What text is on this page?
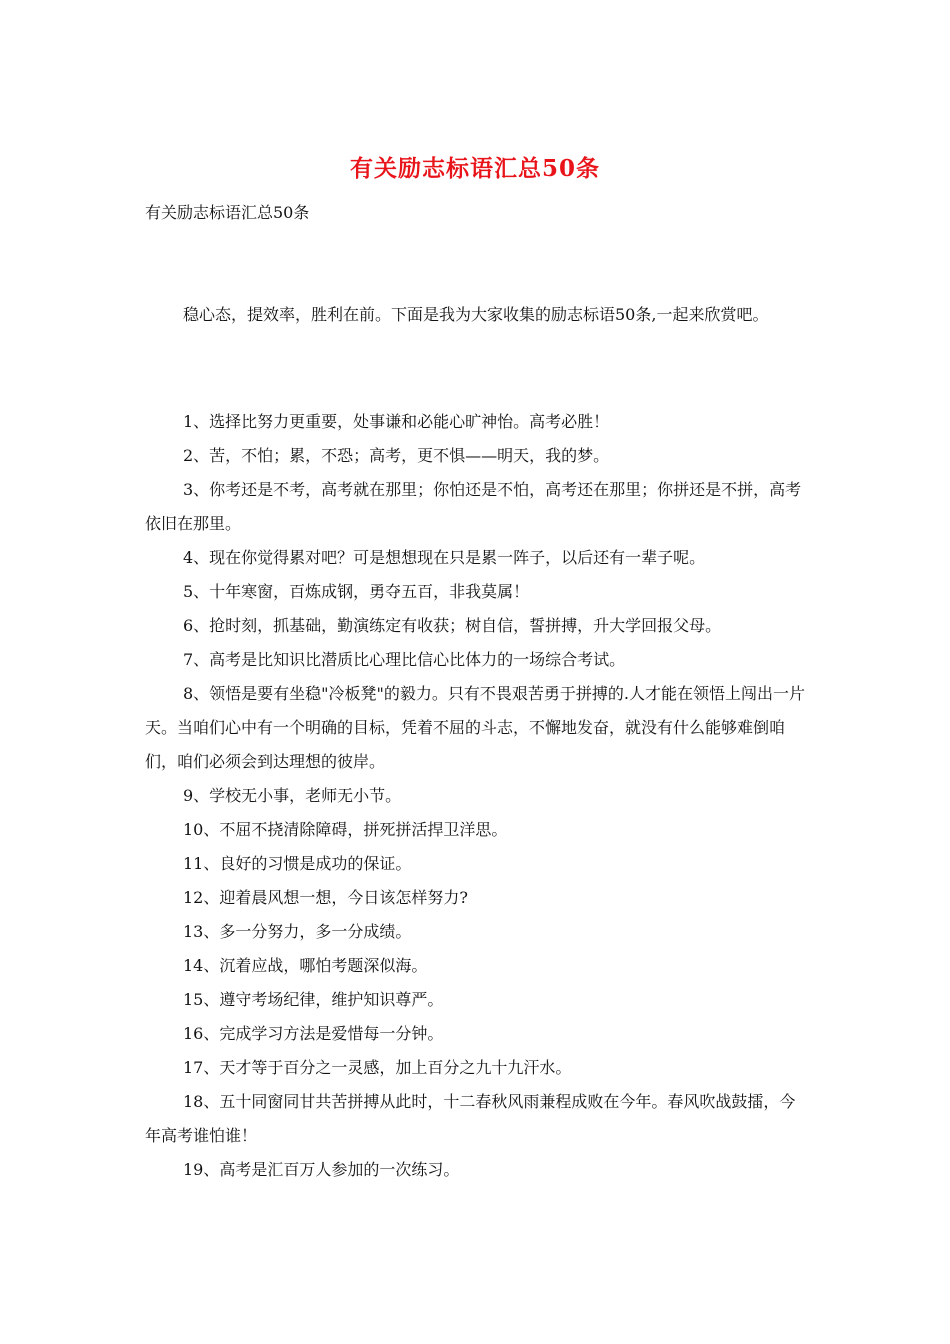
有关励志标语汇总50条
有关励志标语汇总50条

稳心态，提效率，胜利在前。下面是我为大家收集的励志标语50条,一起来欣赏吧。

1、选择比努力更重要，处事谦和必能心旷神怡。高考必胜！

2、苦，不怕；累，不恐；高考，更不惧——明天，我的梦。

3、你考还是不考，高考就在那里；你怕还是不怕，高考还在那里；你拼还是不拼，高考依旧在那里。

4、现在你觉得累对吧？可是想想现在只是累一阵子，以后还有一辈子呢。

5、十年寒窗，百炼成钢，勇夺五百，非我莫属！

6、抢时刻，抓基础，勤演练定有收获；树自信，誓拼搏，升大学回报父母。

7、高考是比知识比潜质比心理比信心比体力的一场综合考试。

8、领悟是要有坐稳"冷板凳"的毅力。只有不畏艰苦勇于拼搏的.人才能在领悟上闯出一片天。当咱们心中有一个明确的目标，凭着不屈的斗志，不懈地发奋，就没有什么能够难倒咱们，咱们必须会到达理想的彼岸。

9、学校无小事，老师无小节。

10、不屈不挠清除障碍，拼死拼活捍卫洋思。

11、良好的习惯是成功的保证。

12、迎着晨风想一想，今日该怎样努力?

13、多一分努力，多一分成绩。

14、沉着应战，哪怕考题深似海。

15、遵守考场纪律，维护知识尊严。

16、完成学习方法是爱惜每一分钟。

17、天才等于百分之一灵感，加上百分之九十九汗水。

18、五十同窗同甘共苦拼搏从此时，十二春秋风雨兼程成败在今年。春风吹战鼓擂，今年高考谁怕谁！

19、高考是汇百万人参加的一次练习。
